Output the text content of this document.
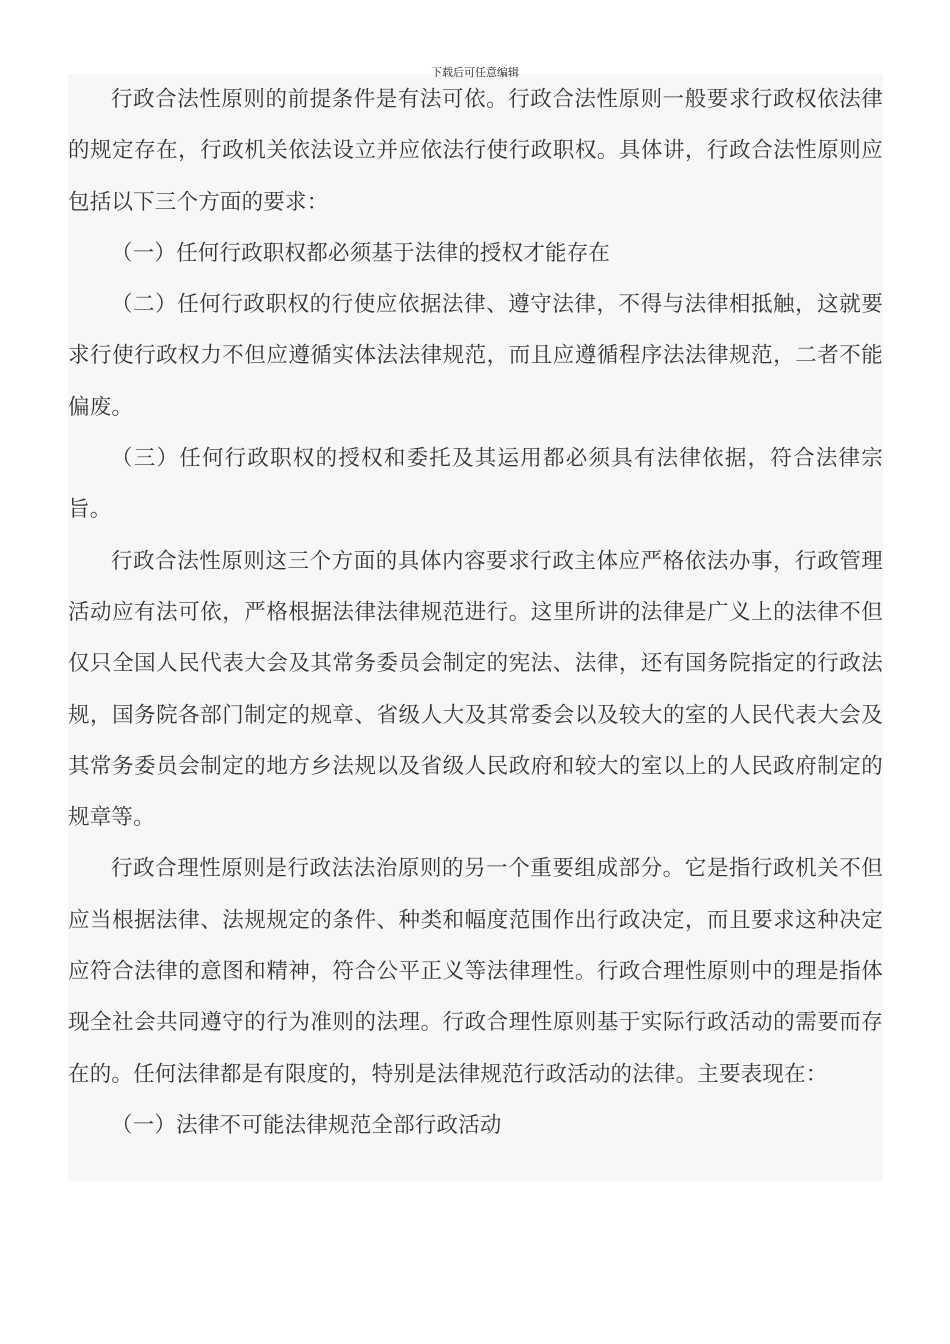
下载后可任意编辑

行政合法性原则的前提条件是有法可依。行政合法性原则一般要求行政权依法律的规定存在，行政机关依法设立并应依法行使行政职权。具体讲，行政合法性原则应包括以下三个方面的要求：

（一）任何行政职权都必须基于法律的授权才能存在

（二）任何行政职权的行使应依据法律、遵守法律，不得与法律相抵触，这就要求行使行政权力不但应遵循实体法法律规范，而且应遵循程序法法律规范，二者不能偏废。

（三）任何行政职权的授权和委托及其运用都必须具有法律依据，符合法律宗旨。

行政合法性原则这三个方面的具体内容要求行政主体应严格依法办事，行政管理活动应有法可依，严格根据法律法律规范进行。这里所讲的法律是广义上的法律不但仅只全国人民代表大会及其常务委员会制定的宪法、法律，还有国务院指定的行政法规，国务院各部门制定的规章、省级人大及其常委会以及较大的室的人民代表大会及其常务委员会制定的地方乡法规以及省级人民政府和较大的室以上的人民政府制定的规章等。

行政合理性原则是行政法法治原则的另一个重要组成部分。它是指行政机关不但应当根据法律、法规规定的条件、种类和幅度范围作出行政决定，而且要求这种决定应符合法律的意图和精神，符合公平正义等法律理性。行政合理性原则中的理是指体现全社会共同遵守的行为准则的法理。行政合理性原则基于实际行政活动的需要而存在的。任何法律都是有限度的，特别是法律规范行政活动的法律。主要表现在：

（一）法律不可能法律规范全部行政活动
